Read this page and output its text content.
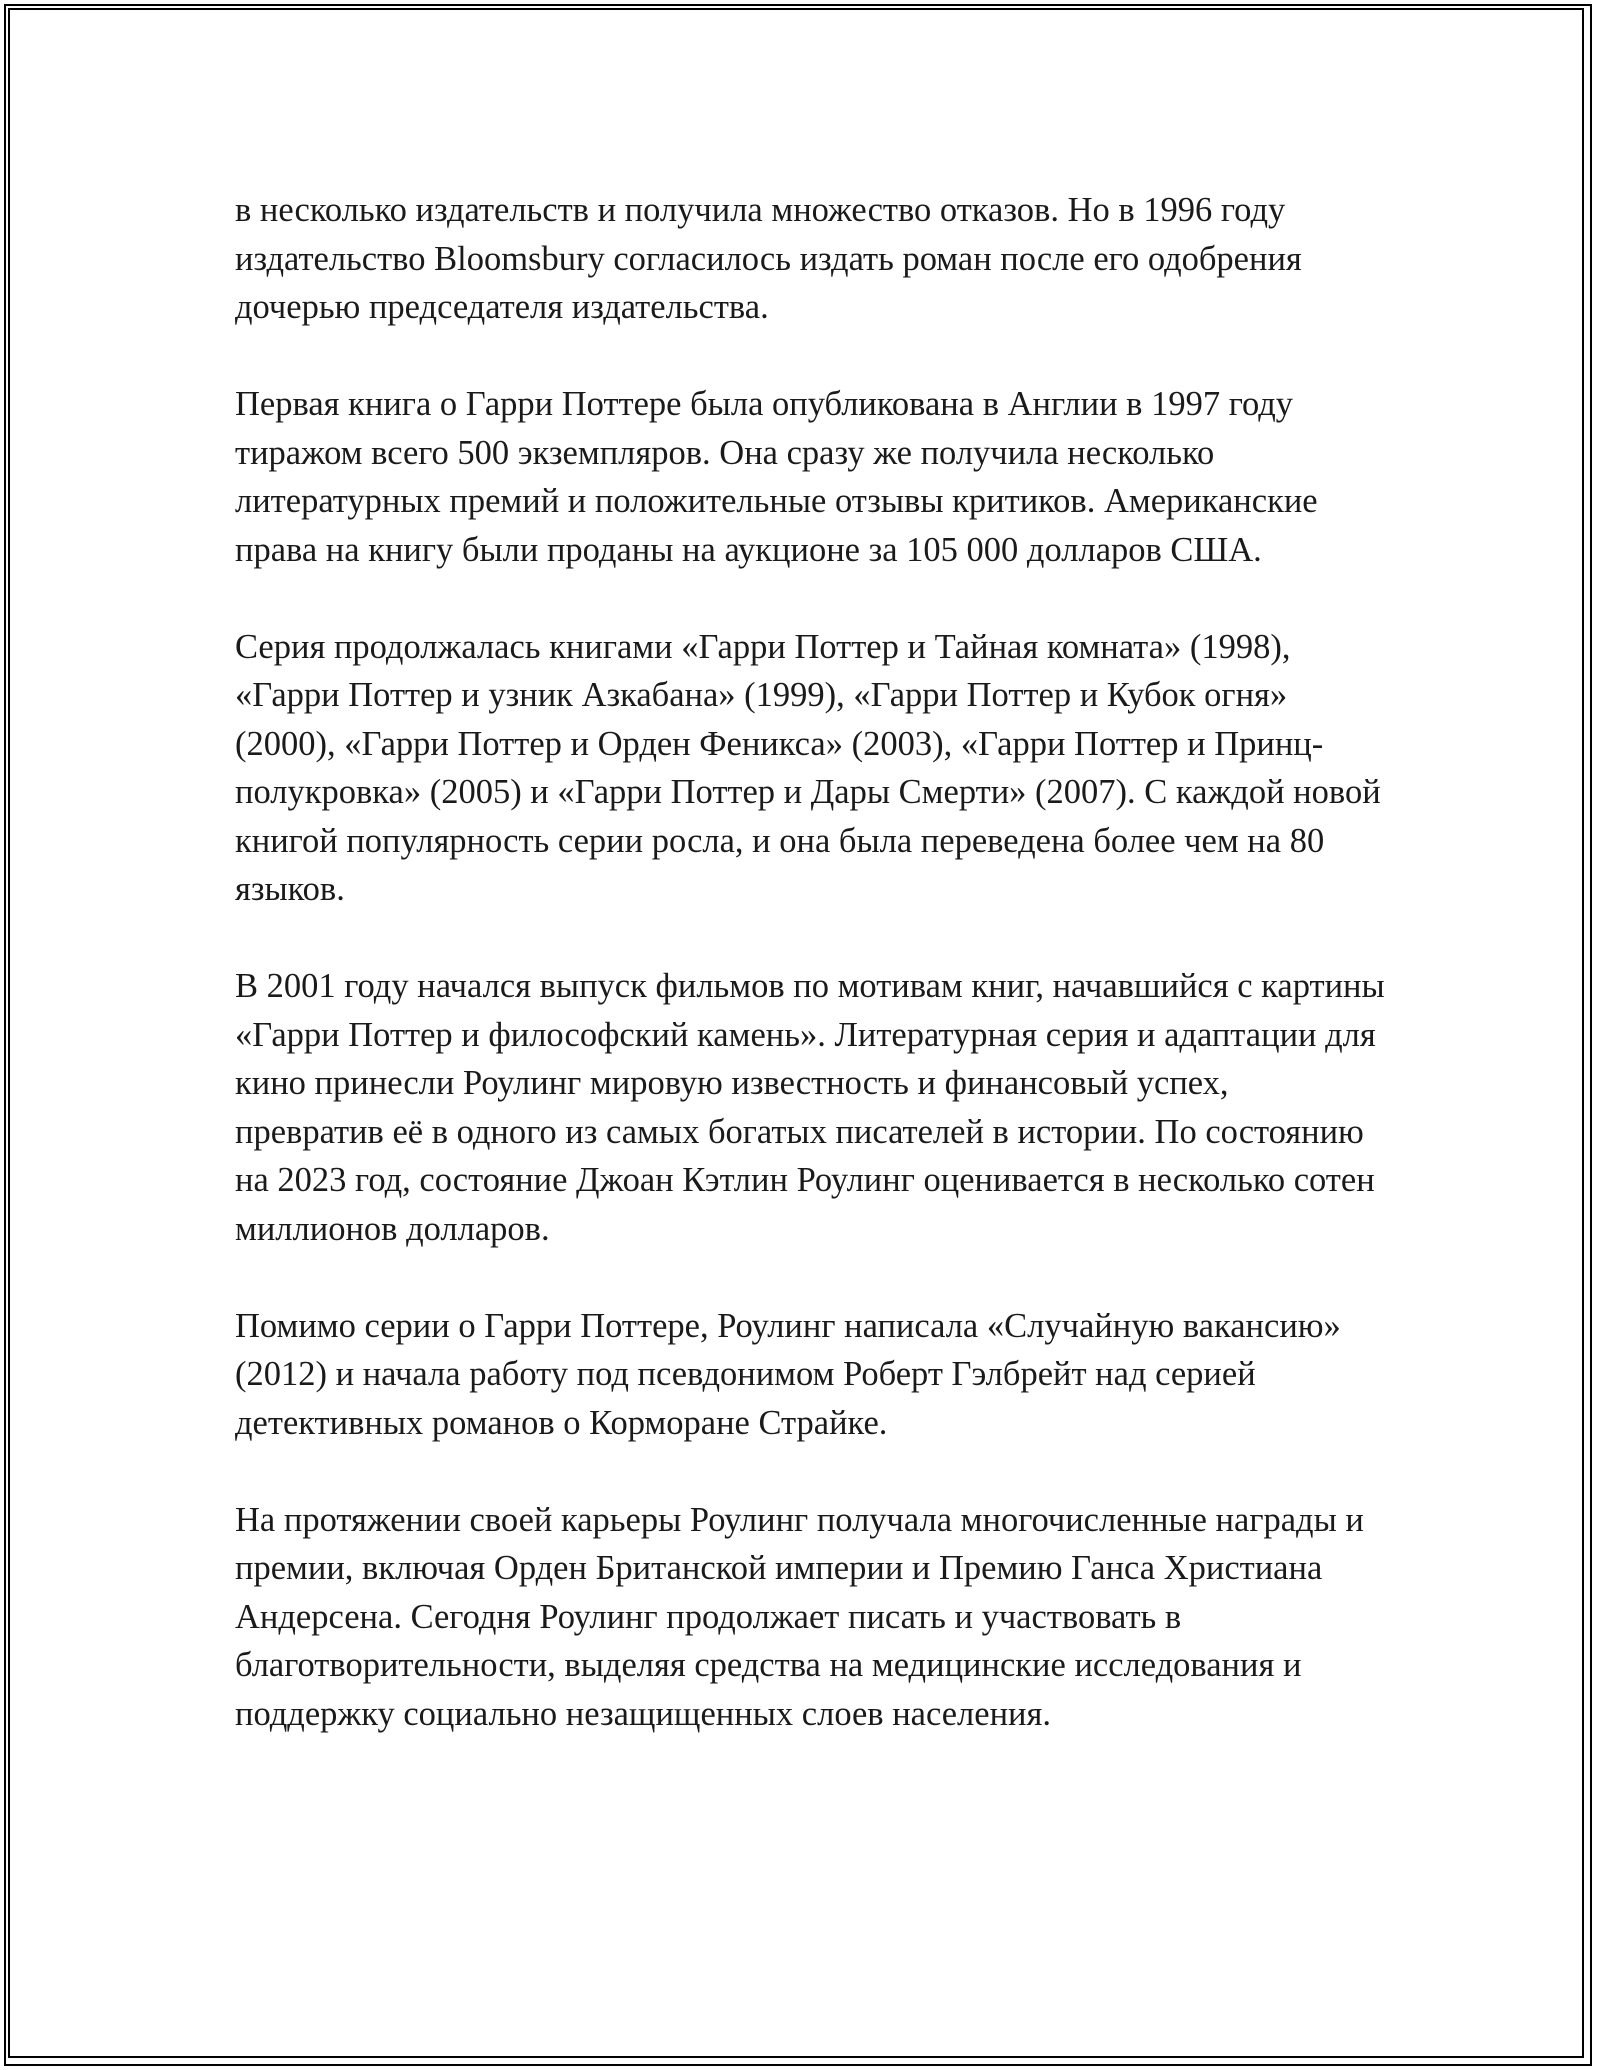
в несколько издательств и получила множество отказов. Но в 1996 году издательство Bloomsbury согласилось издать роман после его одобрения дочерью председателя издательства.

Первая книга о Гарри Поттере была опубликована в Англии в 1997 году тиражом всего 500 экземпляров. Она сразу же получила несколько литературных премий и положительные отзывы критиков. Американские права на книгу были проданы на аукционе за 105 000 долларов США.

Серия продолжалась книгами «Гарри Поттер и Тайная комната» (1998), «Гарри Поттер и узник Азкабана» (1999), «Гарри Поттер и Кубок огня» (2000), «Гарри Поттер и Орден Феникса» (2003), «Гарри Поттер и Принц-полукровка» (2005) и «Гарри Поттер и Дары Смерти» (2007). С каждой новой книгой популярность серии росла, и она была переведена более чем на 80 языков.

В 2001 году начался выпуск фильмов по мотивам книг, начавшийся с картины «Гарри Поттер и философский камень». Литературная серия и адаптации для кино принесли Роулинг мировую известность и финансовый успех, превратив её в одного из самых богатых писателей в истории. По состоянию на 2023 год, состояние Джоан Кэтлин Роулинг оценивается в несколько сотен миллионов долларов.

Помимо серии о Гарри Поттере, Роулинг написала «Случайную вакансию» (2012) и начала работу под псевдонимом Роберт Гэлбрейт над серией детективных романов о Корморане Страйке.

На протяжении своей карьеры Роулинг получала многочисленные награды и премии, включая Орден Британской империи и Премию Ганса Христиана Андерсена. Сегодня Роулинг продолжает писать и участвовать в благотворительности, выделяя средства на медицинские исследования и поддержку социально незащищенных слоев населения.
